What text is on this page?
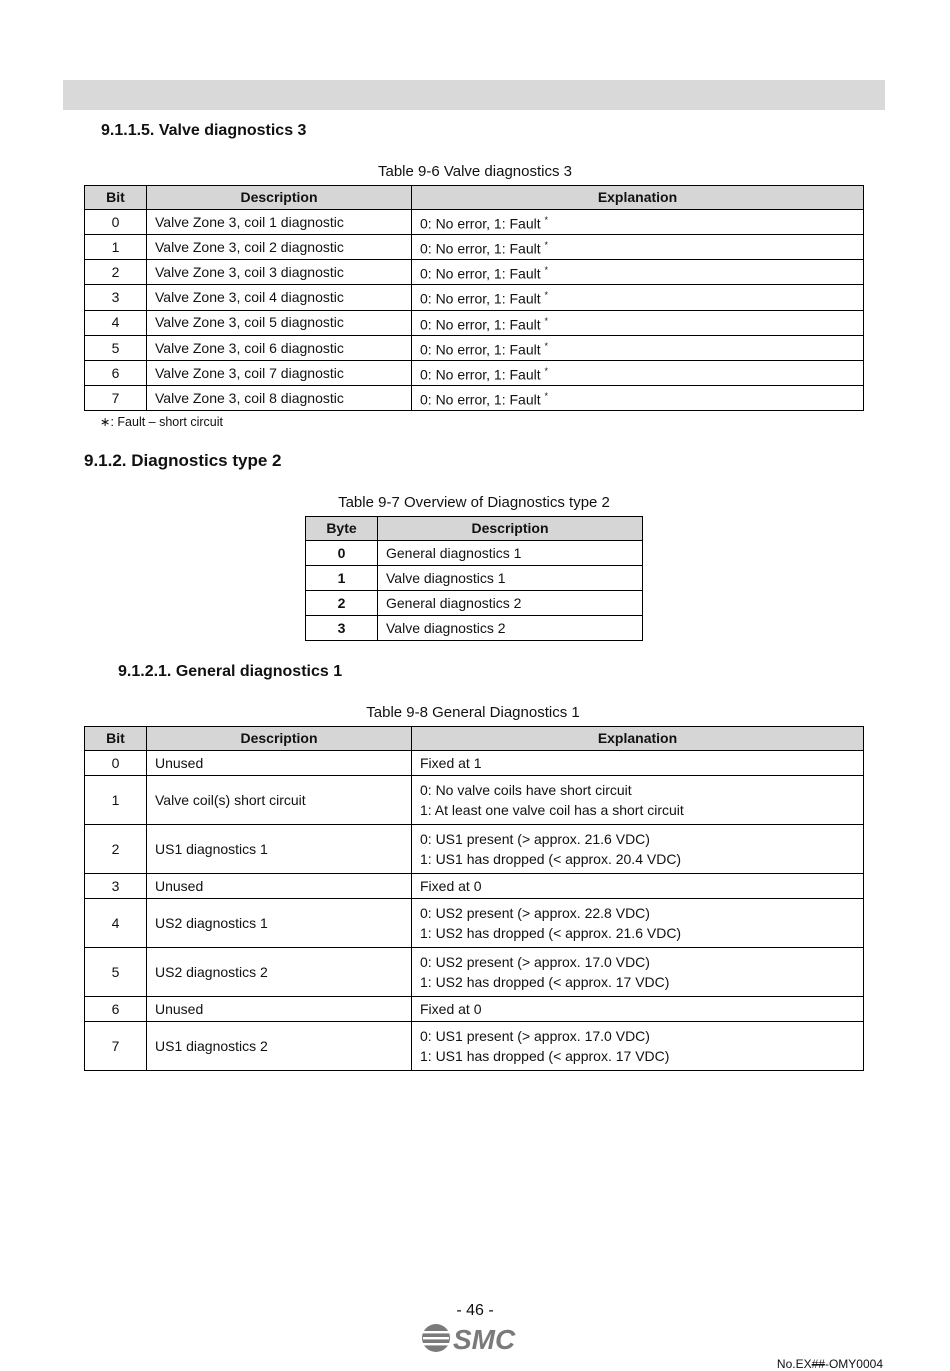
9.1.1.5. Valve diagnostics 3
Table 9-6 Valve diagnostics 3
Bit	Description	Explanation
0	Valve Zone 3, coil 1 diagnostic	0: No error, 1: Fault *
1	Valve Zone 3, coil 2 diagnostic	0: No error, 1: Fault *
2	Valve Zone 3, coil 3 diagnostic	0: No error, 1: Fault *
3	Valve Zone 3, coil 4 diagnostic	0: No error, 1: Fault *
4	Valve Zone 3, coil 5 diagnostic	0: No error, 1: Fault *
5	Valve Zone 3, coil 6 diagnostic	0: No error, 1: Fault *
6	Valve Zone 3, coil 7 diagnostic	0: No error, 1: Fault *
7	Valve Zone 3, coil 8 diagnostic	0: No error, 1: Fault *
∗: Fault – short circuit
9.1.2. Diagnostics type 2
Table 9-7 Overview of Diagnostics type 2
Byte	Description
0	General diagnostics 1
1	Valve diagnostics 1
2	General diagnostics 2
3	Valve diagnostics 2
9.1.2.1. General diagnostics 1
Table 9-8 General Diagnostics 1
Bit	Description	Explanation
0	Unused	Fixed at 1

1	Valve coil(s) short circuit	0: No valve coils have short circuit
1: At least one valve coil has a short circuit

2	US1 diagnostics 1	0: US1 present (> approx. 21.6 VDC)
1: US1 has dropped (< approx. 20.4 VDC)

3	Unused	Fixed at 0

4	US2 diagnostics 1	0: US2 present (> approx. 22.8 VDC)
1: US2 has dropped (< approx. 21.6 VDC)

5	US2 diagnostics 2	0: US2 present (> approx. 17.0 VDC)
1: US2 has dropped (< approx. 17 VDC)

6	Unused	Fixed at 0

7	US1 diagnostics 2	0: US1 present (> approx. 17.0 VDC)
1: US1 has dropped (< approx. 17 VDC)
- 46 -
SMC
No.EX##-OMY0004
